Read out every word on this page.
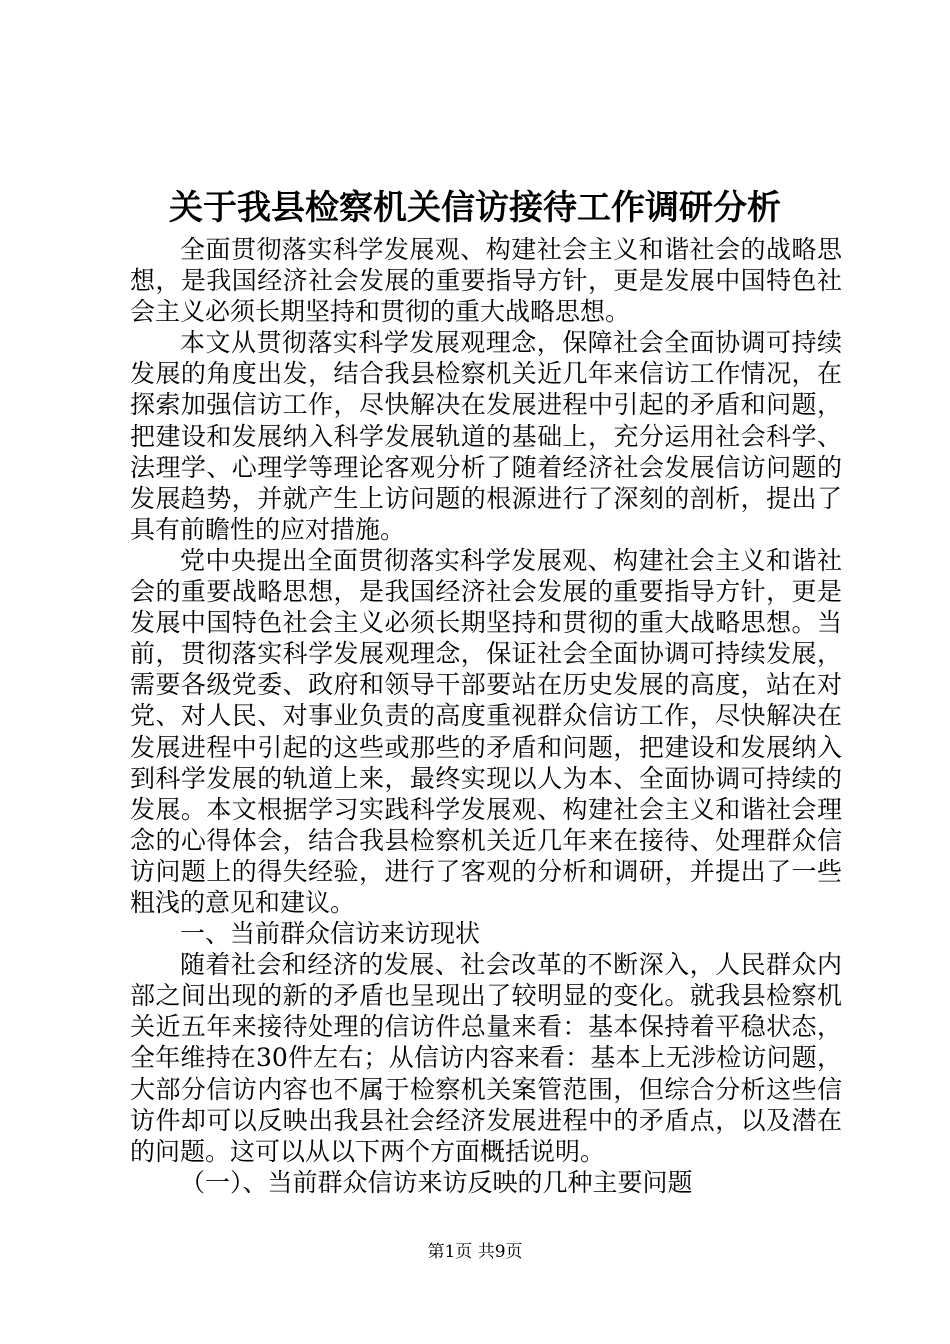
关于我县检察机关信访接待工作调研分析

全面贯彻落实科学发展观、构建社会主义和谐社会的战略思想，是我国经济社会发展的重要指导方针，更是发展中国特色社会主义必须长期坚持和贯彻的重大战略思想。

本文从贯彻落实科学发展观理念，保障社会全面协调可持续发展的角度出发，结合我县检察机关近几年来信访工作情况，在探索加强信访工作，尽快解决在发展进程中引起的矛盾和问题，把建设和发展纳入科学发展轨道的基础上，充分运用社会科学、法理学、心理学等理论客观分析了随着经济社会发展信访问题的发展趋势，并就产生上访问题的根源进行了深刻的剖析，提出了具有前瞻性的应对措施。

党中央提出全面贯彻落实科学发展观、构建社会主义和谐社会的重要战略思想，是我国经济社会发展的重要指导方针，更是发展中国特色社会主义必须长期坚持和贯彻的重大战略思想。当前，贯彻落实科学发展观理念，保证社会全面协调可持续发展，需要各级党委、政府和领导干部要站在历史发展的高度，站在对党、对人民、对事业负责的高度重视群众信访工作，尽快解决在发展进程中引起的这些或那些的矛盾和问题，把建设和发展纳入到科学发展的轨道上来，最终实现以人为本、全面协调可持续的发展。本文根据学习实践科学发展观、构建社会主义和谐社会理念的心得体会，结合我县检察机关近几年来在接待、处理群众信访问题上的得失经验，进行了客观的分析和调研，并提出了一些粗浅的意见和建议。

一、当前群众信访来访现状

随着社会和经济的发展、社会改革的不断深入，人民群众内部之间出现的新的矛盾也呈现出了较明显的变化。就我县检察机关近五年来接待处理的信访件总量来看：基本保持着平稳状态，全年维持在30件左右；从信访内容来看：基本上无涉检访问题，大部分信访内容也不属于检察机关案管范围，但综合分析这些信访件却可以反映出我县社会经济发展进程中的矛盾点，以及潜在的问题。这可以从以下两个方面概括说明。

（一）、当前群众信访来访反映的几种主要问题

第1页 共9页
